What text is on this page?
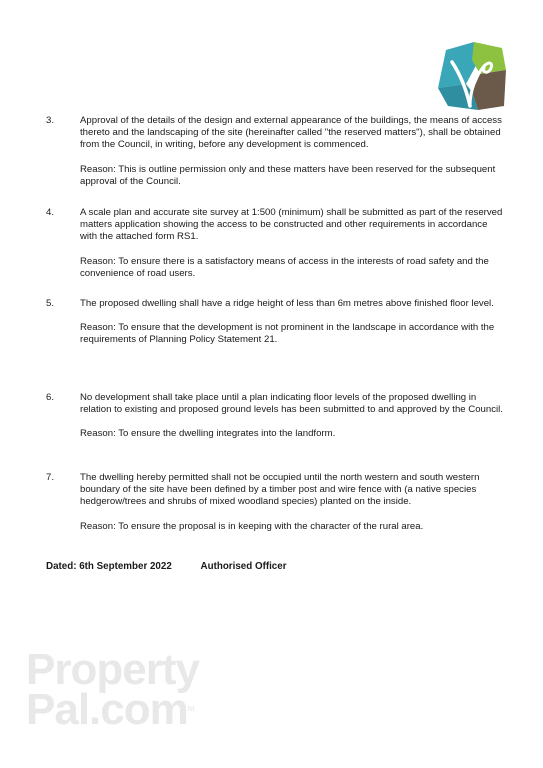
3.	Approval of the details of the design and external appearance of the buildings, the means of access thereto and the landscaping of the site (hereinafter called "the reserved matters"), shall be obtained from the Council, in writing, before any development is commenced.
Reason: This is outline permission only and these matters have been reserved for the subsequent approval of the Council.
4.	A scale plan and accurate site survey at 1:500 (minimum) shall be submitted as part of the reserved matters application showing the access to be constructed and other requirements in accordance with the attached form RS1.
Reason: To ensure there is a satisfactory means of access in the interests of road safety and the convenience of road users.
5.	The proposed dwelling shall have a ridge height of less than 6m metres above finished floor level.
Reason: To ensure that the development is not prominent in the landscape in accordance with the requirements of Planning Policy Statement 21.
6.	No development shall take place until a plan indicating floor levels of the proposed dwelling in relation to existing and proposed ground levels has been submitted to and approved by the Council.
Reason: To ensure the dwelling integrates into the landform.
7.	The dwelling hereby permitted shall not be occupied until the north western and south western boundary of the site have been defined by a timber post and wire fence with (a native species hedgerow/trees and shrubs of mixed woodland species) planted on the inside.
Reason: To ensure the proposal is in keeping with the character of the rural area.
Dated: 6th September 2022	Authorised Officer
Property
Pal.comNI
